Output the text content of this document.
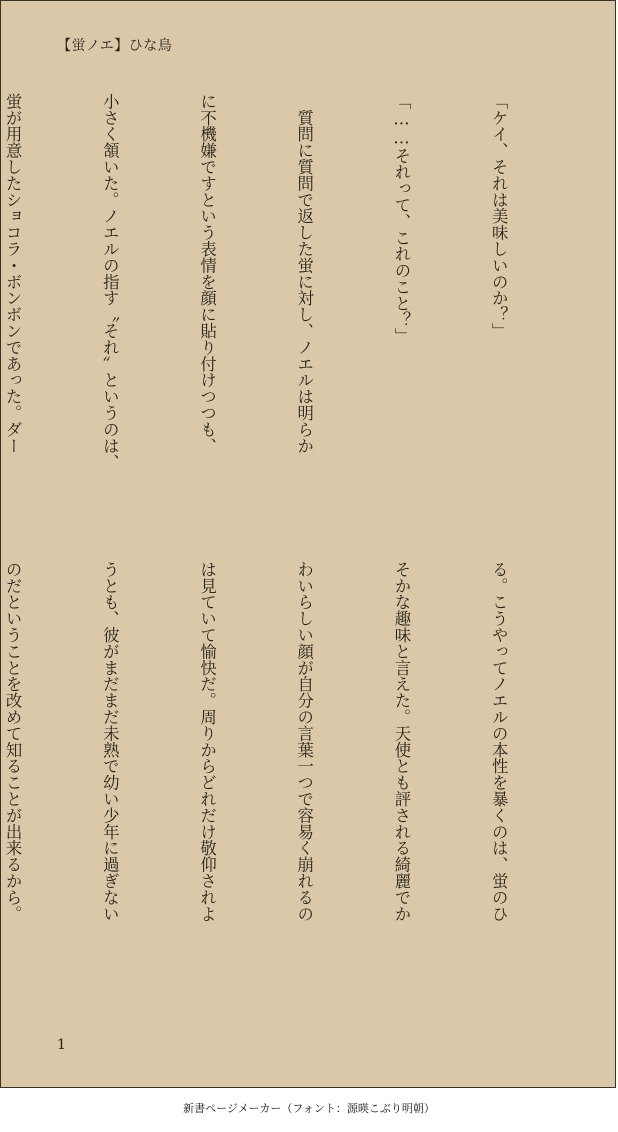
【蛍ノエ】ひな鳥

「ケイ、それは美味しいのか？」

「……それって、これのこと？」

　質問に質問で返した蛍に対し、ノエルは明らか

に不機嫌ですという表情を顔に貼り付けつつも、

小さく頷いた。ノエルの指す〝それ〟というのは、

蛍が用意したショコラ・ボンボンであった。ダー

る。こうやってノエルの本性を暴くのは、蛍のひ

そかな趣味と言えた。天使とも評される綺麗でか

わいらしい顔が自分の言葉一つで容易く崩れるの

は見ていて愉快だ。周りからどれだけ敬仰されよ

うとも、彼がまだまだ未熟で幼い少年に過ぎない

のだということを改めて知ることが出来るから。

1
新書ページメーカー（フォント：源暎こぶり明朝）
